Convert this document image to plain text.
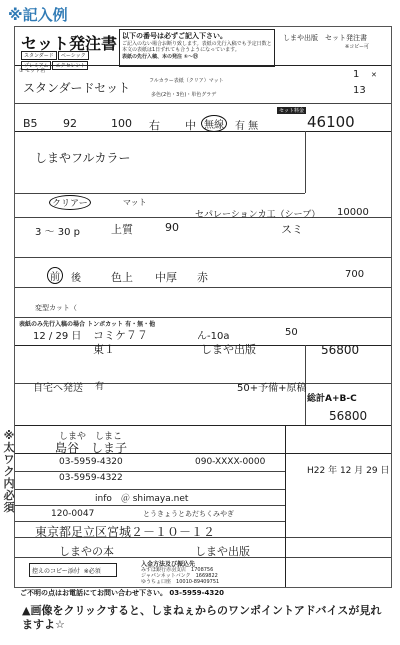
※記入例
セット発注書
スタンダード	ベーシック
プレミアム	エクセレント
以下の番号は必ずご記入下さい。
ご記入のない場合お断り致します。表紙の先行入稿でも予定日数と本文の表紙は1日ずれても合うようになっています。
表紙の先行入稿、本の発注 ①〜⑲
しまや出版　セット発注書
※コピー可
① セット名
スタンダードセット	フルカラー表紙（クリア）マット
多色(2色・3色)・単色グラデ
1 ✕
13
B5 92	100 右 中 無線	有 無
セット料金
46100
しまやフルカラー
クリアー	マット
セパレーションカ工（シーブ） 10000
3 〜 30 p	上質	90	スミ
前	後	色上 中厚 赤	700
変型カット（
表紙のみ先行入稿の場合 トンボカット 有・無・他
12 / 29 日 コミケ７７	ん-10a	50
東１	しまや出版	56800
自宅へ発送 有	50+予備+原稿
総計A+B-C
56800
しまや　しまこ
島谷　しま子
03-5959-4320	090-XXXX-0000
03-5959-4322
info　＠ shimaya.net
120-0047	とうきょうとあだちくみやぎ
東京都足立区宮城２－１０－１２
しまやの本	しまや出版
H22 年 12 月 29 日
控えのコピー添付 ※必須
入金方法及び振込先
みずほ銀行赤羽支店　 1708756
ジャパンネットバンク　 1669822
ゆうちょ口座　 10010-89409751
※太ワク内必須
ご不明の点はお電話にてお問い合わせ下さい。 03-5959-4320
▲画像をクリックすると、しまねぇからのワンポイントアドバイスが見れますよ☆
